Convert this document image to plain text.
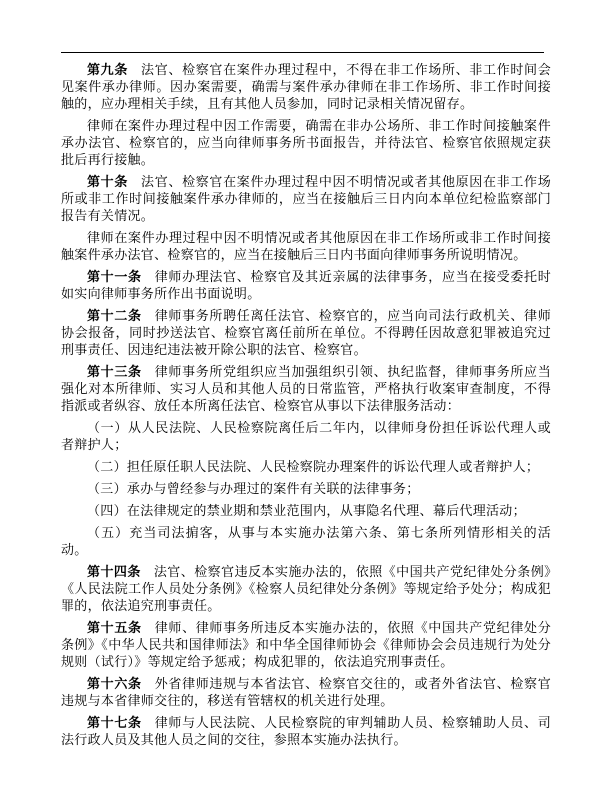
第九条 法官、检察官在案件办理过程中，不得在非工作场所、非工作时间会见案件承办律师。因办案需要，确需与案件承办律师在非工作场所、非工作时间接触的，应办理相关手续，且有其他人员参加，同时记录相关情况留存。

律师在案件办理过程中因工作需要，确需在非办公场所、非工作时间接触案件承办法官、检察官的，应当向律师事务所书面报告，并待法官、检察官依照规定获批后再行接触。

第十条 法官、检察官在案件办理过程中因不明情况或者其他原因在非工作场所或非工作时间接触案件承办律师的，应当在接触后三日内向本单位纪检监察部门报告有关情况。

律师在案件办理过程中因不明情况或者其他原因在非工作场所或非工作时间接触案件承办法官、检察官的，应当在接触后三日内书面向律师事务所说明情况。

第十一条 律师办理法官、检察官及其近亲属的法律事务，应当在接受委托时如实向律师事务所作出书面说明。

第十二条 律师事务所聘任离任法官、检察官的，应当向司法行政机关、律师协会报备，同时抄送法官、检察官离任前所在单位。不得聘任因故意犯罪被追究过刑事责任、因违纪违法被开除公职的法官、检察官。

第十三条 律师事务所党组织应当加强组织引领、执纪监督，律师事务所应当强化对本所律师、实习人员和其他人员的日常监管，严格执行收案审查制度，不得指派或者纵容、放任本所离任法官、检察官从事以下法律服务活动：

（一）从人民法院、人民检察院离任后二年内，以律师身份担任诉讼代理人或者辩护人；

（二）担任原任职人民法院、人民检察院办理案件的诉讼代理人或者辩护人；

（三）承办与曾经参与办理过的案件有关联的法律事务；

（四）在法律规定的禁业期和禁业范围内，从事隐名代理、幕后代理活动；

（五）充当司法掮客，从事与本实施办法第六条、第七条所列情形相关的活动。

第十四条 法官、检察官违反本实施办法的，依照《中国共产党纪律处分条例》《人民法院工作人员处分条例》《检察人员纪律处分条例》等规定给予处分；构成犯罪的，依法追究刑事责任。

第十五条 律师、律师事务所违反本实施办法的，依照《中国共产党纪律处分条例》《中华人民共和国律师法》和中华全国律师协会《律师协会会员违规行为处分规则（试行）》等规定给予惩戒；构成犯罪的，依法追究刑事责任。

第十六条 外省律师违规与本省法官、检察官交往的，或者外省法官、检察官违规与本省律师交往的，移送有管辖权的机关进行处理。

第十七条 律师与人民法院、人民检察院的审判辅助人员、检察辅助人员、司法行政人员及其他人员之间的交往，参照本实施办法执行。
